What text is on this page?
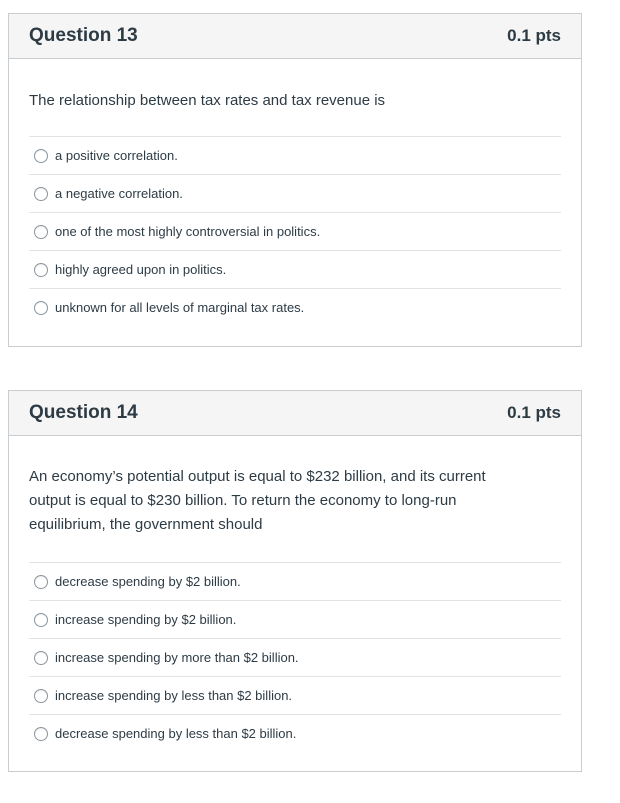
Question 13	0.1 pts

The relationship between tax rates and tax revenue is

a positive correlation.
a negative correlation.
one of the most highly controversial in politics.
highly agreed upon in politics.
unknown for all levels of marginal tax rates.
Question 14	0.1 pts

An economy’s potential output is equal to $232 billion, and its current output is equal to $230 billion. To return the economy to long-run equilibrium, the government should

decrease spending by $2 billion.
increase spending by $2 billion.
increase spending by more than $2 billion.
increase spending by less than $2 billion.
decrease spending by less than $2 billion.
